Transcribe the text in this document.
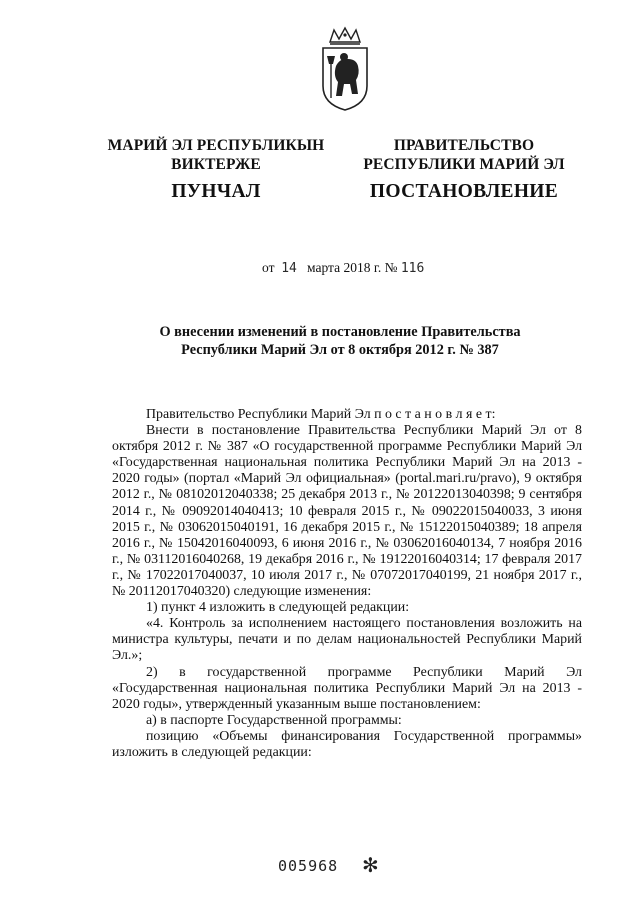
МАРИЙ ЭЛ РЕСПУБЛИКЫН
ВИКТЕРЖЕ
ПРАВИТЕЛЬСТВО
РЕСПУБЛИКИ МАРИЙ ЭЛ
ПУНЧАЛ	ПОСТАНОВЛЕНИЕ
от 14 марта 2018 г. № 116
О внесении изменений в постановление Правительства
Республики Марий Эл от 8 октября 2012 г. № 387

Правительство Республики Марий Эл п о с т а н о в л я е т:

Внести в постановление Правительства Республики Марий Эл от 8 октября 2012 г. № 387 «О государственной программе Республики Марий Эл «Государственная национальная политика Республики Марий Эл на 2013 - 2020 годы» (портал «Марий Эл официальная» (portal.mari.ru/pravo), 9 октября 2012 г., № 08102012040338; 25 декабря 2013 г., № 20122013040398; 9 сентября 2014 г., № 09092014040413; 10 февраля 2015 г., № 09022015040033, 3 июня 2015 г., № 03062015040191, 16 декабря 2015 г., № 15122015040389; 18 апреля 2016 г., № 15042016040093, 6 июня 2016 г., № 03062016040134, 7 ноября 2016 г., № 03112016040268, 19 декабря 2016 г., № 19122016040314; 17 февраля 2017 г., № 17022017040037, 10 июля 2017 г., № 07072017040199, 21 ноября 2017 г., № 20112017040320) следующие изменения:

1) пункт 4 изложить в следующей редакции:

«4. Контроль за исполнением настоящего постановления возложить на министра культуры, печати и по делам национальностей Республики Марий Эл.»;

2) в государственной программе Республики Марий Эл «Государственная национальная политика Республики Марий Эл на 2013 - 2020 годы», утвержденный указанным выше постановлением:

а) в паспорте Государственной программы:

позицию «Объемы финансирования Государственной программы» изложить в следующей редакции:

005968 ✻
